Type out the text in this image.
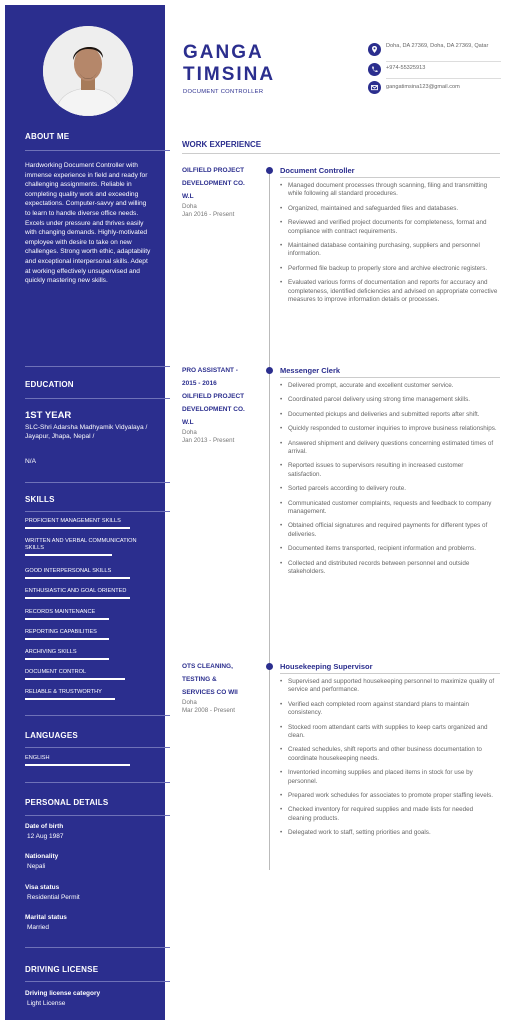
ABOUT ME
Hardworking Document Controller with immense experience in field and ready for challenging assignments. Reliable in completing quality work and exceeding expectations. Computer-savvy and willing to learn to handle diverse office needs. Excels under pressure and thrives easily with changing demands. Highly-motivated employee with desire to take on new challenges. Strong worth ethic, adaptability and exceptional interpersonal skills. Adept at working effectively unsupervised and quickly mastering new skills.
EDUCATION
1ST YEAR
SLC-Shri Adarsha Madhyamik Vidyalaya / Jayapur, Jhapa, Nepal /
N/A
SKILLS
PROFICIENT MANAGEMENT SKILLS
WRITTEN AND VERBAL COMMUNICATION SKILLS
GOOD INTERPERSONAL SKILLS
ENTHUSIASTIC AND GOAL ORIENTED
RECORDS MAINTENANCE
REPORTING CAPABILITIES
ARCHIVING SKILLS
DOCUMENT CONTROL
RELIABLE & TRUSTWORTHY
LANGUAGES
ENGLISH
PERSONAL DETAILS
Date of birth
12 Aug 1987
Nationality
Nepali
Visa status
Residential Permit
Marital status
Married
DRIVING LICENSE
Driving license category
Light License
GANGA
TIMSINA
DOCUMENT CONTROLLER
Doha, DA 27369, Doha, DA 27369, Qatar
+974-55325913
gangatimsina123@gmail.com
WORK EXPERIENCE
OILFIELD PROJECT
DEVELOPMENT CO.
W.L
Doha
Jan 2016 - Present
Document Controller
• Managed document processes through scanning, filing and transmitting while following all standard procedures.
• Organized, maintained and safeguarded files and databases.
• Reviewed and verified project documents for completeness, format and compliance with contract requirements.
• Maintained database containing purchasing, suppliers and personnel information.
• Performed file backup to properly store and archive electronic registers.
• Evaluated various forms of documentation and reports for accuracy and completeness, identified deficiencies and advised on appropriate corrective measures to improve information details or processes.
PRO ASSISTANT -
2015 - 2016
OILFIELD PROJECT
DEVELOPMENT CO.
W.L
Doha
Jan 2013 - Present
Messenger Clerk
• Delivered prompt, accurate and excellent customer service.
• Coordinated parcel delivery using strong time management skills.
• Documented pickups and deliveries and submitted reports after shift.
• Quickly responded to customer inquiries to improve business relationships.
• Answered shipment and delivery questions concerning estimated times of arrival.
• Reported issues to supervisors resulting in increased customer satisfaction.
• Sorted parcels according to delivery route.
• Communicated customer complaints, requests and feedback to company management.
• Obtained official signatures and required payments for different types of deliveries.
• Documented items transported, recipient information and problems.
• Collected and distributed records between personnel and outside stakeholders.
OTS CLEANING,
TESTING &
SERVICES CO WII
Doha
Mar 2008 - Present
Housekeeping Supervisor
• Supervised and supported housekeeping personnel to maximize quality of service and performance.
• Verified each completed room against standard plans to maintain consistency.
• Stocked room attendant carts with supplies to keep carts organized and clean.
• Created schedules, shift reports and other business documentation to coordinate housekeeping needs.
• Inventoried incoming supplies and placed items in stock for use by personnel.
• Prepared work schedules for associates to promote proper staffing levels.
• Checked inventory for required supplies and made lists for needed cleaning products.
• Delegated work to staff, setting priorities and goals.
